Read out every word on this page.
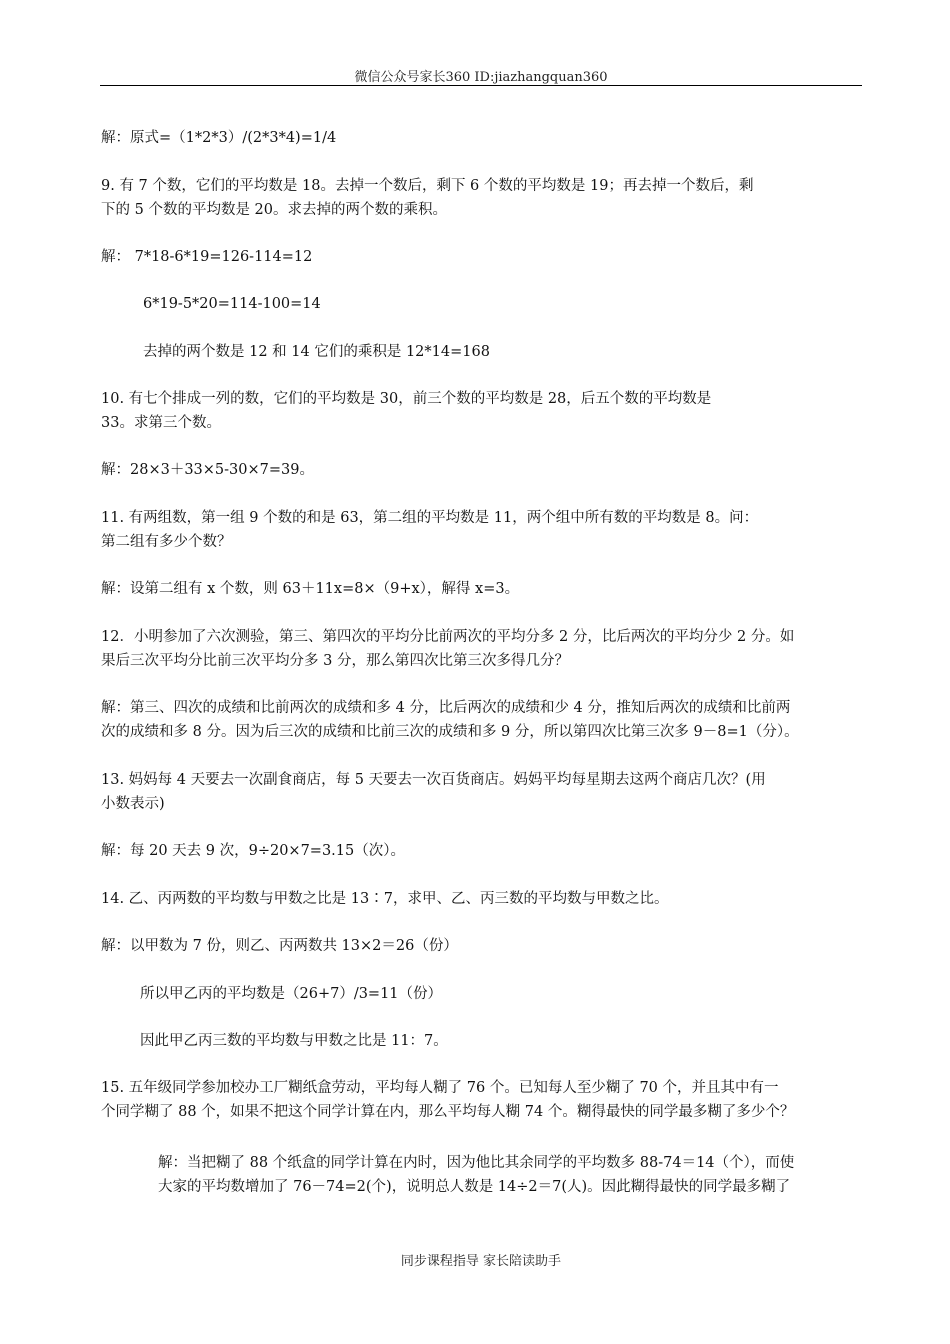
微信公众号家长360 ID:jiazhangquan360
解：原式=（1*2*3）/(2*3*4)=1/4
9. 有 7 个数，它们的平均数是 18。去掉一个数后，剩下 6 个数的平均数是 19；再去掉一个数后，剩
下的 5 个数的平均数是 20。求去掉的两个数的乘积。
解： 7*18-6*19=126-114=12
6*19-5*20=114-100=14
去掉的两个数是 12 和 14 它们的乘积是 12*14=168
10. 有七个排成一列的数，它们的平均数是 30，前三个数的平均数是 28，后五个数的平均数是
33。求第三个数。
解：28×3＋33×5-30×7=39。
11. 有两组数，第一组 9 个数的和是 63，第二组的平均数是 11，两个组中所有数的平均数是 8。问：
第二组有多少个数？
解：设第二组有 x 个数，则 63＋11x=8×（9+x），解得 x=3。
12．小明参加了六次测验，第三、第四次的平均分比前两次的平均分多 2 分，比后两次的平均分少 2 分。如
果后三次平均分比前三次平均分多 3 分，那么第四次比第三次多得几分？
解：第三、四次的成绩和比前两次的成绩和多 4 分，比后两次的成绩和少 4 分，推知后两次的成绩和比前两
次的成绩和多 8 分。因为后三次的成绩和比前三次的成绩和多 9 分，所以第四次比第三次多 9－8=1（分）。
13. 妈妈每 4 天要去一次副食商店，每 5 天要去一次百货商店。妈妈平均每星期去这两个商店几次？(用
小数表示)
解：每 20 天去 9 次，9÷20×7=3.15（次）。
14. 乙、丙两数的平均数与甲数之比是 13∶7，求甲、乙、丙三数的平均数与甲数之比。
解：以甲数为 7 份，则乙、丙两数共 13×2＝26（份）
所以甲乙丙的平均数是（26+7）/3=11（份）
因此甲乙丙三数的平均数与甲数之比是 11：7。
15. 五年级同学参加校办工厂糊纸盒劳动，平均每人糊了 76 个。已知每人至少糊了 70 个，并且其中有一
个同学糊了 88 个，如果不把这个同学计算在内，那么平均每人糊 74 个。糊得最快的同学最多糊了多少个？
解：当把糊了 88 个纸盒的同学计算在内时，因为他比其余同学的平均数多 88-74＝14（个），而使
大家的平均数增加了 76－74=2(个)，说明总人数是 14÷2＝7(人)。因此糊得最快的同学最多糊了
同步课程指导 家长陪读助手
